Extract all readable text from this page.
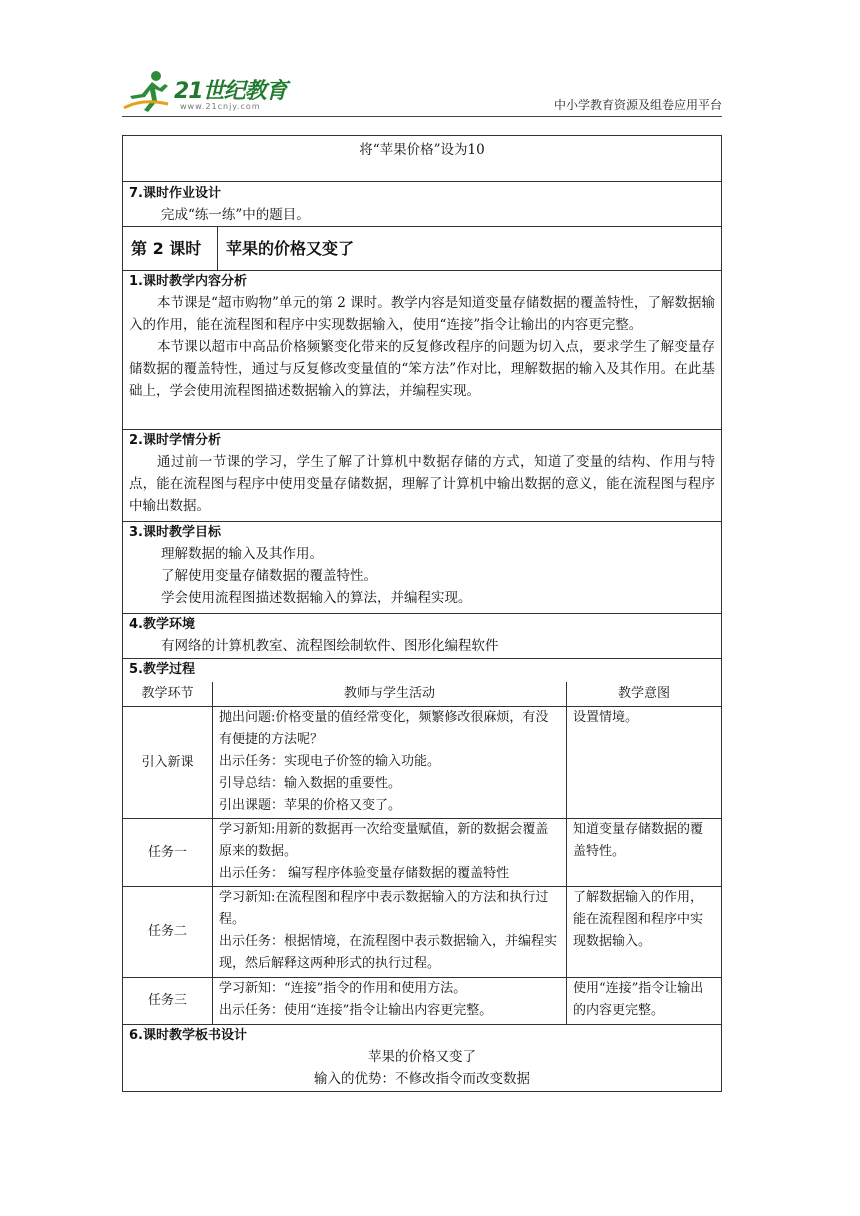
21世纪教育
www.21cnjy.com	中小学教育资源及组卷应用平台
将“苹果价格”设为10
7.课时作业设计
完成“练一练”中的题目。
第 2 课时	苹果的价格又变了
1.课时教学内容分析
本节课是“超市购物”单元的第 2 课时。教学内容是知道变量存储数据的覆盖特性，了解数据输入的作用，能在流程图和程序中实现数据输入，使用“连接”指令让输出的内容更完整。
本节课以超市中高品价格频繁变化带来的反复修改程序的问题为切入点，要求学生了解变量存储数据的覆盖特性，通过与反复修改变量值的“笨方法”作对比，理解数据的输入及其作用。在此基础上，学会使用流程图描述数据输入的算法，并编程实现。
2.课时学情分析
通过前一节课的学习，学生了解了计算机中数据存储的方式，知道了变量的结构、作用与特点，能在流程图与程序中使用变量存储数据，理解了计算机中输出数据的意义，能在流程图与程序中输出数据。
3.课时教学目标
理解数据的输入及其作用。
了解使用变量存储数据的覆盖特性。
学会使用流程图描述数据输入的算法，并编程实现。
4.教学环境
有网络的计算机教室、流程图绘制软件、图形化编程软件
5.教学过程
教学环节	教师与学生活动	教学意图
引入新课	抛出问题:价格变量的值经常变化，频繁修改很麻烦，有没有便捷的方法呢？
出示任务：实现电子价签的输入功能。
引导总结：输入数据的重要性。
引出课题：苹果的价格又变了。	设置情境。
任务一	学习新知:用新的数据再一次给变量赋值，新的数据会覆盖原来的数据。
出示任务： 编写程序体验变量存储数据的覆盖特性	知道变量存储数据的覆盖特性。
任务二	学习新知:在流程图和程序中表示数据输入的方法和执行过程。
出示任务：根据情境，在流程图中表示数据输入，并编程实现，然后解释这两种形式的执行过程。	了解数据输入的作用，能在流程图和程序中实现数据输入。
任务三	学习新知：“连接”指令的作用和使用方法。
出示任务：使用“连接”指令让输出内容更完整。	使用“连接”指令让输出的内容更完整。
6.课时教学板书设计
苹果的价格又变了
输入的优势：不修改指令而改变数据
